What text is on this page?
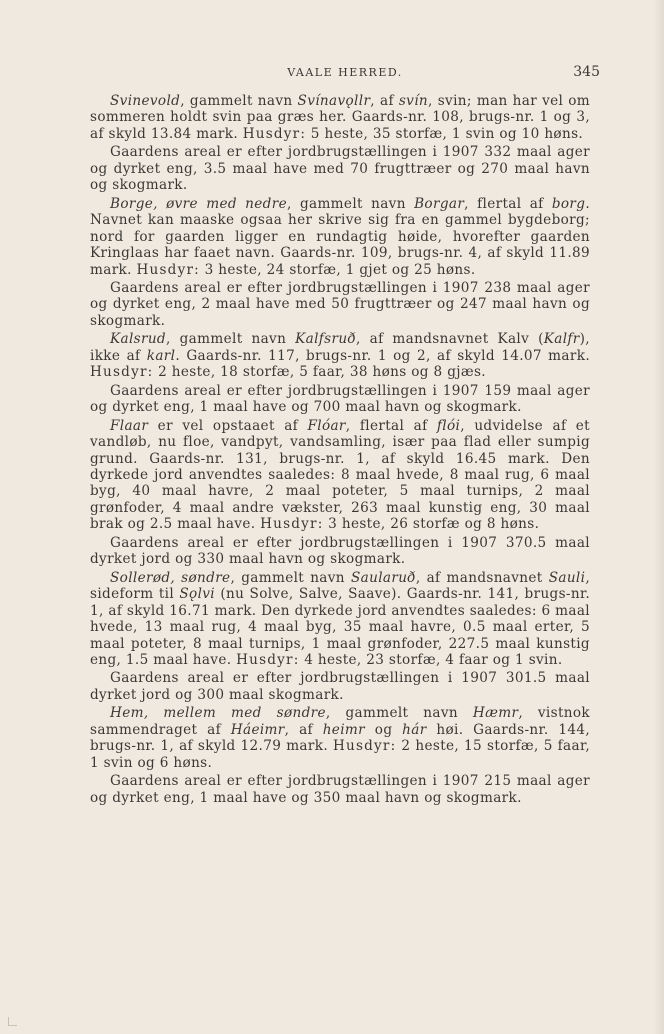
VAALE HERRED.	345

Svinevold, gammelt navn Svínavǫllr, af svín, svin; man har vel om sommeren holdt svin paa græs her. Gaards-nr. 108, brugs-nr. 1 og 3, af skyld 13.84 mark. Husdyr: 5 heste, 35 storfæ, 1 svin og 10 høns.

Gaardens areal er efter jordbrugstællingen i 1907 332 maal ager og dyrket eng, 3.5 maal have med 70 frugttræer og 270 maal havn og skogmark.

Borge, øvre med nedre, gammelt navn Borgar, flertal af borg. Navnet kan maaske ogsaa her skrive sig fra en gammel bygdeborg; nord for gaarden ligger en rundagtig høide, hvorefter gaarden Kringlaas har faaet navn. Gaards-nr. 109, brugs-nr. 4, af skyld 11.89 mark. Husdyr: 3 heste, 24 storfæ, 1 gjet og 25 høns.

Gaardens areal er efter jordbrugstællingen i 1907 238 maal ager og dyrket eng, 2 maal have med 50 frugttræer og 247 maal havn og skogmark.

Kalsrud, gammelt navn Kalfsruð, af mandsnavnet Kalv (Kalfr), ikke af karl. Gaards-nr. 117, brugs-nr. 1 og 2, af skyld 14.07 mark. Husdyr: 2 heste, 18 storfæ, 5 faar, 38 høns og 8 gjæs.

Gaardens areal er efter jordbrugstællingen i 1907 159 maal ager og dyrket eng, 1 maal have og 700 maal havn og skogmark.

Flaar er vel opstaaet af Flóar, flertal af flói, udvidelse af et vandløb, nu floe, vandpyt, vandsamling, især paa flad eller sumpig grund. Gaards-nr. 131, brugs-nr. 1, af skyld 16.45 mark. Den dyrkede jord anvendtes saaledes: 8 maal hvede, 8 maal rug, 6 maal byg, 40 maal havre, 2 maal poteter, 5 maal turnips, 2 maal grønfoder, 4 maal andre vækster, 263 maal kunstig eng, 30 maal brak og 2.5 maal have. Husdyr: 3 heste, 26 storfæ og 8 høns.

Gaardens areal er efter jordbrugstællingen i 1907 370.5 maal dyrket jord og 330 maal havn og skogmark.

Sollerød, søndre, gammelt navn Saularuð, af mandsnavnet Sauli, sideform til Sǫlvi (nu Solve, Salve, Saave). Gaards-nr. 141, brugs-nr. 1, af skyld 16.71 mark. Den dyrkede jord anvendtes saaledes: 6 maal hvede, 13 maal rug, 4 maal byg, 35 maal havre, 0.5 maal erter, 5 maal poteter, 8 maal turnips, 1 maal grønfoder, 227.5 maal kunstig eng, 1.5 maal have. Husdyr: 4 heste, 23 storfæ, 4 faar og 1 svin.

Gaardens areal er efter jordbrugstællingen i 1907 301.5 maal dyrket jord og 300 maal skogmark.

Hem, mellem med søndre, gammelt navn Hæmr, vistnok sammendraget af Háeimr, af heimr og hár høi. Gaards-nr. 144, brugs-nr. 1, af skyld 12.79 mark. Husdyr: 2 heste, 15 storfæ, 5 faar, 1 svin og 6 høns.

Gaardens areal er efter jordbrugstællingen i 1907 215 maal ager og dyrket eng, 1 maal have og 350 maal havn og skogmark.
